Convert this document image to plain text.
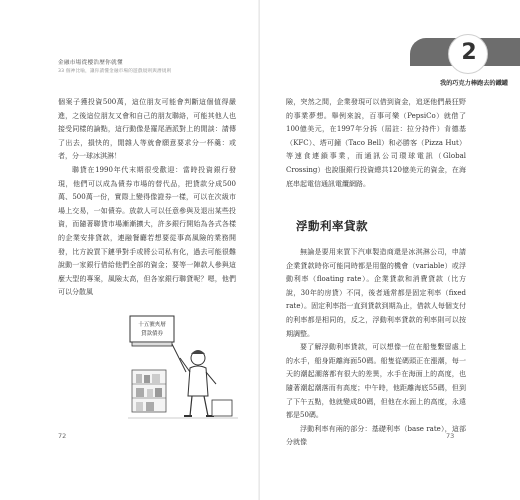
金融市場從樓浩歷你就懂
33 個神比喻，讓你讀懂金融市場的遊戲規則與潛規則

個案子獲投資500萬，這位朋友可能會判斷這個值得嚴進，之後這位朋友又會和自己的朋友聯絡，可能其他人也接受同樣的論點，這行動像是羅尾酒派對上的閒談：請傳了出去，損快的，閒雜人等就會願意要求分一杯羹：或者，分一球冰淇淋！

聯貸在1990年代末期很受歡迎：當時投資銀行發現，他們可以成為債券市場的替代品，把貸款分成500萬、500萬一份，實際上變得像證券一樣，可以在次級市場上交易，一如債券。放款人可以任意參與及退出某些投資，而隨著聯貸市場漸漸擴大，許多銀行開始為各式各樣的企業安排貸款，連融餐廳若想要從事高風險的業務開發，比方說買下鏈爭對手或將公司私有化，過去可能很難說動一家銀行借給他們全部的資金；要等一陣款人參與這麼大型的專案，風險太高，但各家銀行聯貸呢？嗯，他們可以分散風

十五號夾層
貸款債券
72
2
我的巧克力棒跑去的鐵罐

險，突然之間，企業發現可以借到資金，追逐他們最狂野的事業夢想。舉例來說，百事可樂（PepsiCo）就借了100億美元，在1997年分拆（屆註：拉分持件）肯德基（KFC）、塔可鐘（Taco Bell）和必勝客（Pizza Hut）等速食連鎖事業，而通訊公司環球電訊（Global Crossing）也說服銀行投資總共120億美元的資金，在海底串起電信通訊電纜網路。

浮動利率貸款

無論是要用來買下汽車製造商還是冰淇淋公司，申請企業貸款時你可能同時都是用盤的機會（variable）或浮動利率（floating rate）。企業貸款和消費貸款（比方說，30年的房貸）不同，後者通常都是固定利率（fixed rate）。固定利率指一直到貸款到期為止，借款人每個支付的利率都是相同的，反之，浮動利率貸款的利率則可以按期調整。

要了解浮動利率貸款，可以想像一位在船隻繫留處上的水手，船身距離海面50碼。船隻從碼頭正在漲潮，每一天的潮起潮落都有很大的差異，水手在海面上的高度，也隨著潮起潮落而有高度；中午時，他距離海底55碼，但到了下午五點，他就變成80碼，但他在水面上的高度，永遠都是50碼。

浮動利率有兩的部分：基礎利率（base rate），這部分就像

73
